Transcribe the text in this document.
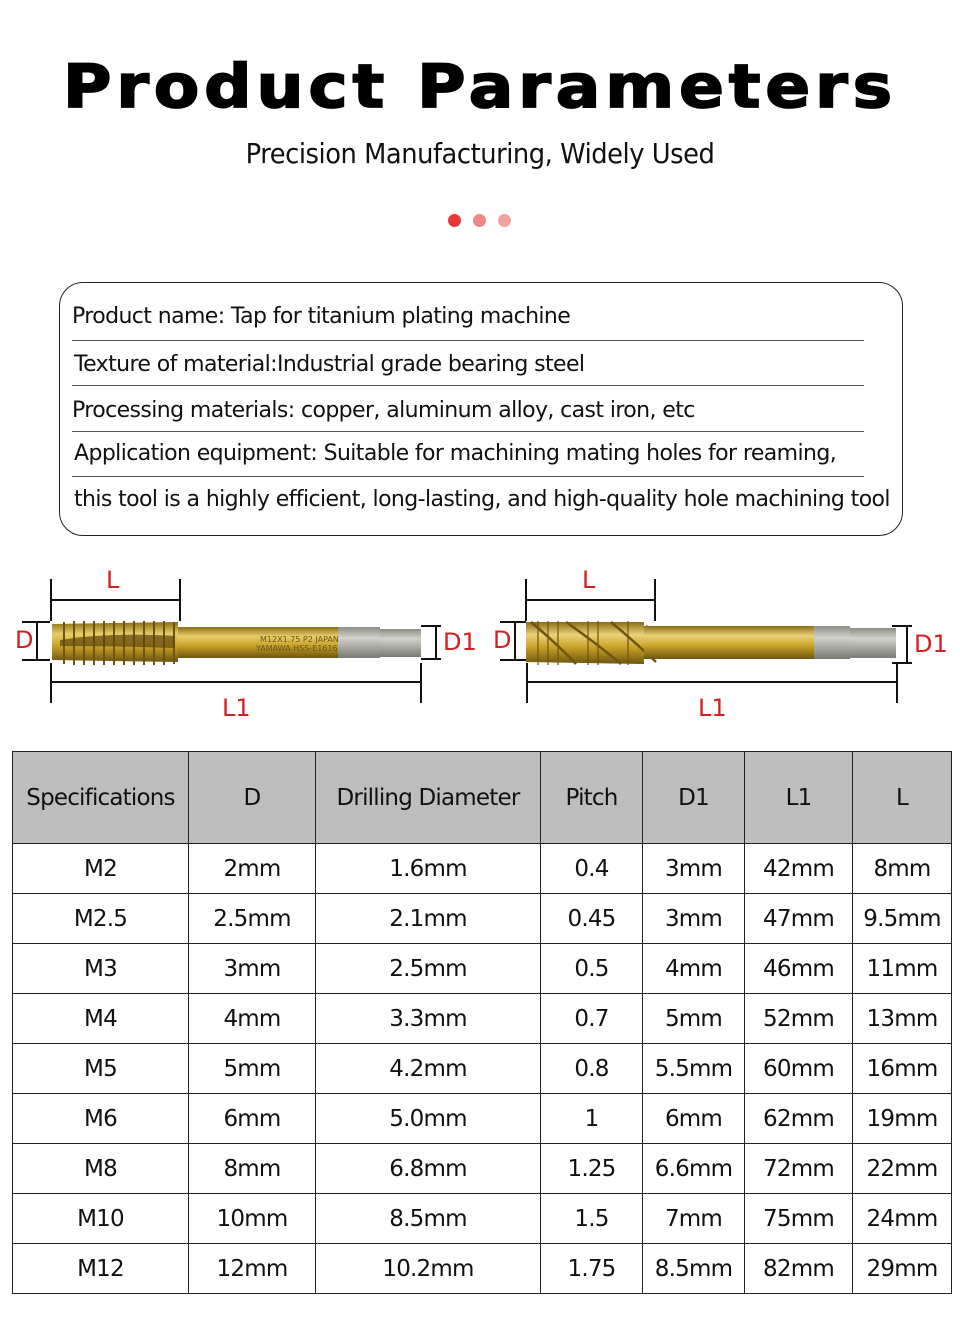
Product Parameters
Precision Manufacturing, Widely Used
Product name: Tap for titanium plating machine
Texture of material:Industrial grade bearing steel
Processing materials: copper, aluminum alloy, cast iron, etc
Application equipment: Suitable for machining mating holes for reaming,
this tool is a highly efficient, long-lasting, and high-quality hole machining tool
L
D	M12X1.75 P2 JAPAN
YAMAWA HSS-E1616	D1
L1
L
D	D1
L1
Specifications	D	Drilling Diameter	Pitch	D1	L1	L
M2	2mm	1.6mm	0.4	3mm	42mm	8mm
M2.5	2.5mm	2.1mm	0.45	3mm	47mm	9.5mm
M3	3mm	2.5mm	0.5	4mm	46mm	11mm
M4	4mm	3.3mm	0.7	5mm	52mm	13mm
M5	5mm	4.2mm	0.8	5.5mm	60mm	16mm
M6	6mm	5.0mm	1	6mm	62mm	19mm
M8	8mm	6.8mm	1.25	6.6mm	72mm	22mm
M10	10mm	8.5mm	1.5	7mm	75mm	24mm
M12	12mm	10.2mm	1.75	8.5mm	82mm	29mm
